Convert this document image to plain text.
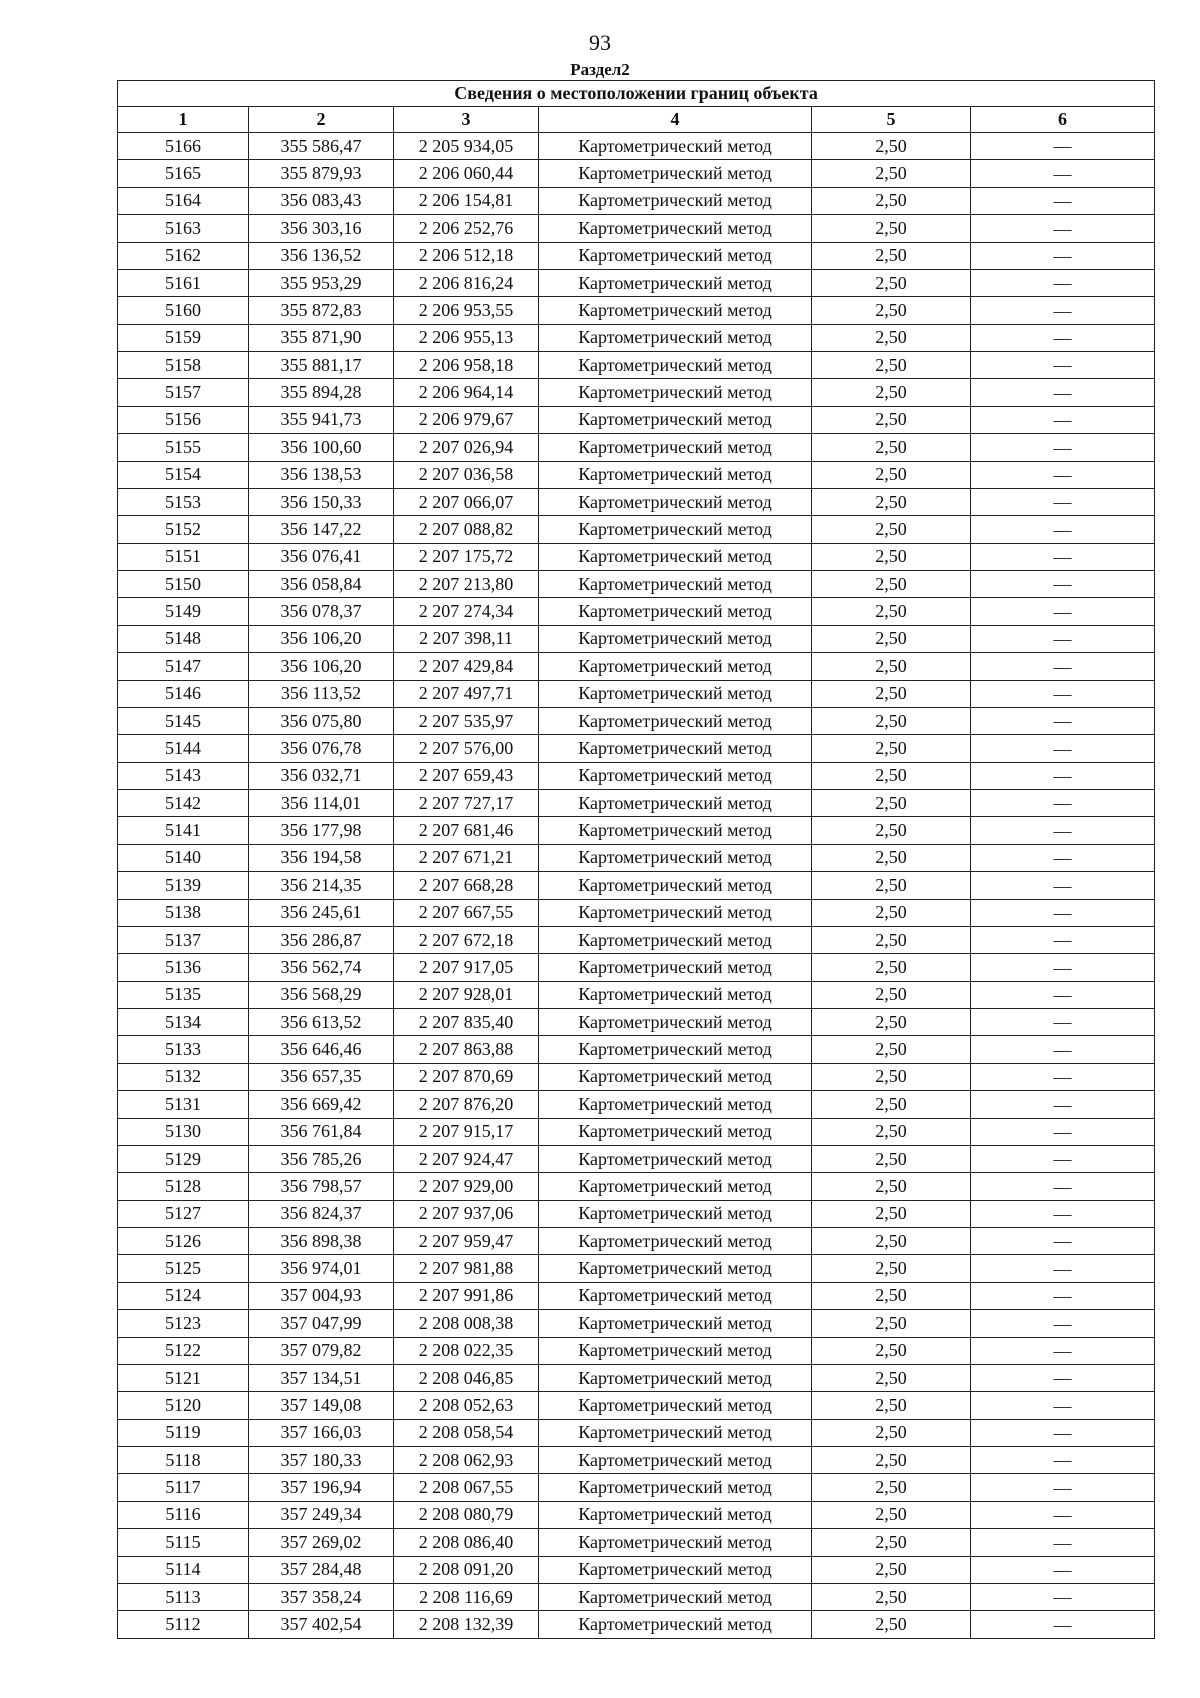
93
Раздел2
Сведения о местоположении границ объекта					
1	2	3	4	5	6
5166	355 586,47	2 205 934,05	Картометрический метод	2,50	—
5165	355 879,93	2 206 060,44	Картометрический метод	2,50	—
5164	356 083,43	2 206 154,81	Картометрический метод	2,50	—
5163	356 303,16	2 206 252,76	Картометрический метод	2,50	—
5162	356 136,52	2 206 512,18	Картометрический метод	2,50	—
5161	355 953,29	2 206 816,24	Картометрический метод	2,50	—
5160	355 872,83	2 206 953,55	Картометрический метод	2,50	—
5159	355 871,90	2 206 955,13	Картометрический метод	2,50	—
5158	355 881,17	2 206 958,18	Картометрический метод	2,50	—
5157	355 894,28	2 206 964,14	Картометрический метод	2,50	—
5156	355 941,73	2 206 979,67	Картометрический метод	2,50	—
5155	356 100,60	2 207 026,94	Картометрический метод	2,50	—
5154	356 138,53	2 207 036,58	Картометрический метод	2,50	—
5153	356 150,33	2 207 066,07	Картометрический метод	2,50	—
5152	356 147,22	2 207 088,82	Картометрический метод	2,50	—
5151	356 076,41	2 207 175,72	Картометрический метод	2,50	—
5150	356 058,84	2 207 213,80	Картометрический метод	2,50	—
5149	356 078,37	2 207 274,34	Картометрический метод	2,50	—
5148	356 106,20	2 207 398,11	Картометрический метод	2,50	—
5147	356 106,20	2 207 429,84	Картометрический метод	2,50	—
5146	356 113,52	2 207 497,71	Картометрический метод	2,50	—
5145	356 075,80	2 207 535,97	Картометрический метод	2,50	—
5144	356 076,78	2 207 576,00	Картометрический метод	2,50	—
5143	356 032,71	2 207 659,43	Картометрический метод	2,50	—
5142	356 114,01	2 207 727,17	Картометрический метод	2,50	—
5141	356 177,98	2 207 681,46	Картометрический метод	2,50	—
5140	356 194,58	2 207 671,21	Картометрический метод	2,50	—
5139	356 214,35	2 207 668,28	Картометрический метод	2,50	—
5138	356 245,61	2 207 667,55	Картометрический метод	2,50	—
5137	356 286,87	2 207 672,18	Картометрический метод	2,50	—
5136	356 562,74	2 207 917,05	Картометрический метод	2,50	—
5135	356 568,29	2 207 928,01	Картометрический метод	2,50	—
5134	356 613,52	2 207 835,40	Картометрический метод	2,50	—
5133	356 646,46	2 207 863,88	Картометрический метод	2,50	—
5132	356 657,35	2 207 870,69	Картометрический метод	2,50	—
5131	356 669,42	2 207 876,20	Картометрический метод	2,50	—
5130	356 761,84	2 207 915,17	Картометрический метод	2,50	—
5129	356 785,26	2 207 924,47	Картометрический метод	2,50	—
5128	356 798,57	2 207 929,00	Картометрический метод	2,50	—
5127	356 824,37	2 207 937,06	Картометрический метод	2,50	—
5126	356 898,38	2 207 959,47	Картометрический метод	2,50	—
5125	356 974,01	2 207 981,88	Картометрический метод	2,50	—
5124	357 004,93	2 207 991,86	Картометрический метод	2,50	—
5123	357 047,99	2 208 008,38	Картометрический метод	2,50	—
5122	357 079,82	2 208 022,35	Картометрический метод	2,50	—
5121	357 134,51	2 208 046,85	Картометрический метод	2,50	—
5120	357 149,08	2 208 052,63	Картометрический метод	2,50	—
5119	357 166,03	2 208 058,54	Картометрический метод	2,50	—
5118	357 180,33	2 208 062,93	Картометрический метод	2,50	—
5117	357 196,94	2 208 067,55	Картометрический метод	2,50	—
5116	357 249,34	2 208 080,79	Картометрический метод	2,50	—
5115	357 269,02	2 208 086,40	Картометрический метод	2,50	—
5114	357 284,48	2 208 091,20	Картометрический метод	2,50	—
5113	357 358,24	2 208 116,69	Картометрический метод	2,50	—
5112	357 402,54	2 208 132,39	Картометрический метод	2,50	—
